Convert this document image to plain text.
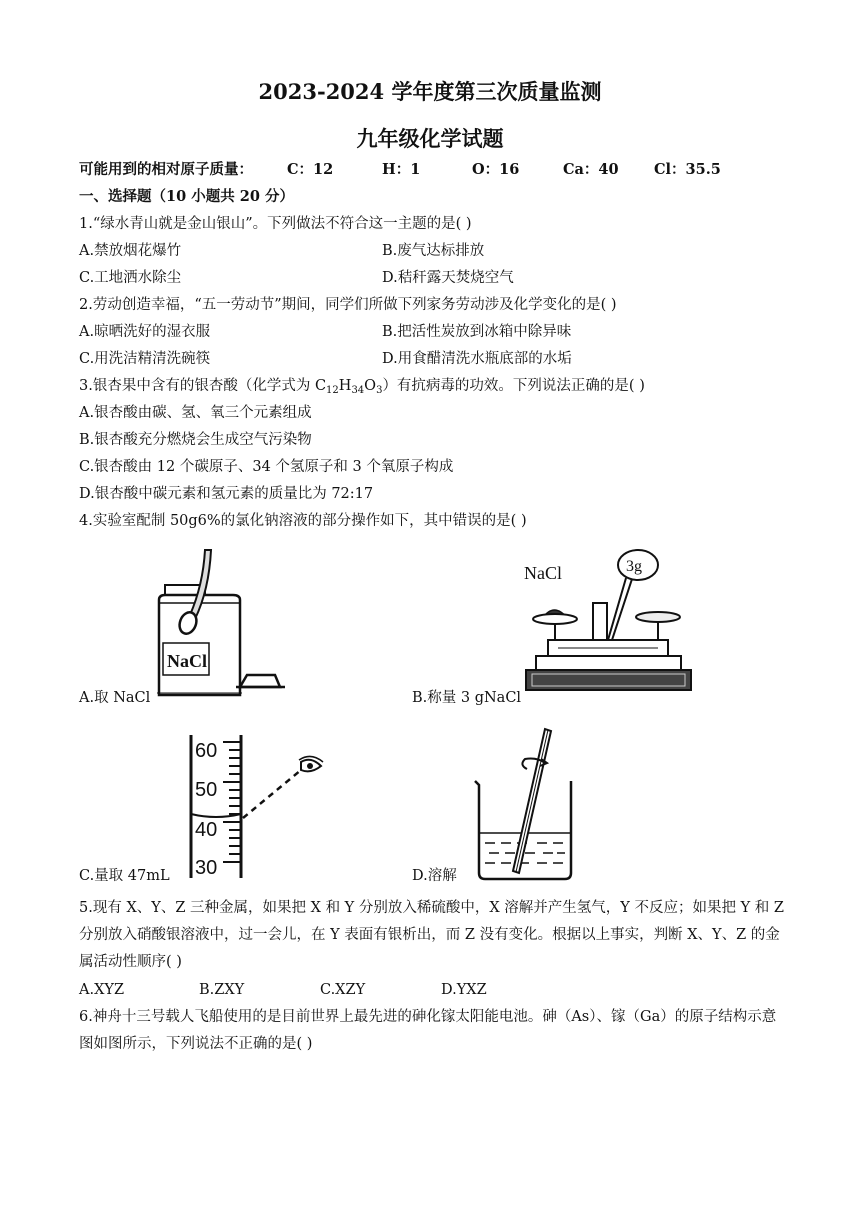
2023-2024 学年度第三次质量监测
九年级化学试题
可能用到的相对原子质量： C：12	H：1	O：16	Ca：40 Cl：35.5
一、选择题（10 小题共 20 分）
1.“绿水青山就是金山银山”。下列做法不符合这一主题的是( )
A.禁放烟花爆竹	B.废气达标排放
C.工地洒水除尘	D.秸秆露天焚烧空气
2.劳动创造幸福，“五一劳动节”期间，同学们所做下列家务劳动涉及化学变化的是( )
A.晾晒洗好的湿衣服	B.把活性炭放到冰箱中除异味
C.用洗洁精清洗碗筷	D.用食醋清洗水瓶底部的水垢
3.银杏果中含有的银杏酸（化学式为 $C_{12}H_{34}O_3$）有抗病毒的功效。下列说法正确的是( )
A.银杏酸由碳、氢、氧三个元素组成
B.银杏酸充分燃烧会生成空气污染物
C.银杏酸由 12 个碳原子、34 个氢原子和 3 个氧原子构成
D.银杏酸中碳元素和氢元素的质量比为 72:17
4.实验室配制 50g6%的氯化钠溶液的部分操作如下，其中错误的是( )
NaCl
A.取 NaCl
NaCl	3g
B.称量 3 gNaCl
60
50
40
30
C.量取 47mL	D.溶解
5.现有 X、Y、Z 三种金属，如果把 X 和 Y 分别放入稀硫酸中，X 溶解并产生氢气，Y 不反应；如果把 Y 和 Z 分别放入硝酸银溶液中，过一会儿，在 Y 表面有银析出，而 Z 没有变化。根据以上事实，判断 X、Y、Z 的金属活动性顺序( )
A.XYZ	B.ZXY	C.XZY	D.YXZ
6.神舟十三号载人飞船使用的是目前世界上最先进的砷化镓太阳能电池。砷（As）、镓（Ga）的原子结构示意图如图所示，下列说法不正确的是( )
